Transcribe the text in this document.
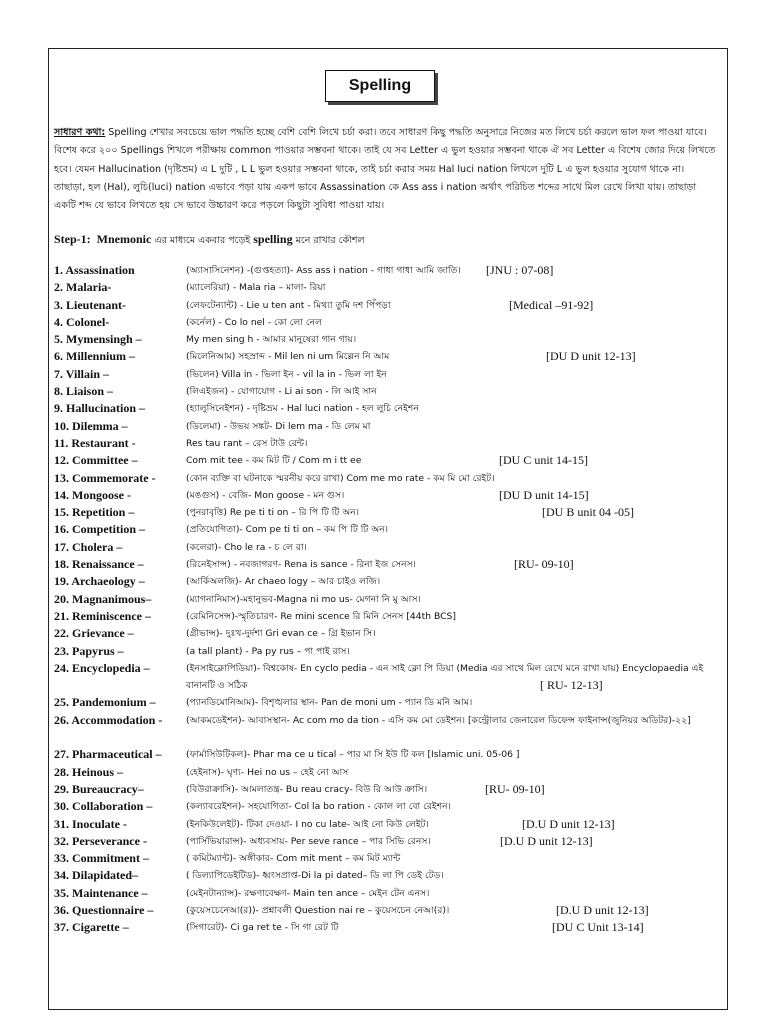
Spelling
সাধারণ কথা: Spelling শেখার সবচেয়ে ভাল পদ্ধতি হচ্ছে বেশি বেশি লিখে চর্চা করা। তবে সাধারণ কিছু পদ্ধতি অনুসারে নিজের মত লিখে চর্চা করলে ভাল ফল পাওয়া যাবে। বিশেষ করে ২০০ Spellings শিখলে পরীক্ষায় common পাওয়ার সম্ভবনা থাকে। তাই যে সব Letter এ ভুল হওয়ার সম্ভবনা থাকে ঐ সব Letter এ বিশেষ জোর দিয়ে লিখতে হবে। যেমন Hallucination (দৃষ্টিভ্রম) এ L দুটি , L L ভুল হওয়ার সম্ভবনা থাকে, তাই চর্চা করার সময় Hal luci nation লিখলে দুটি L এ ভুল হওয়ার সুযোগ থাকে না। তাছাড়া, হল (Hal), লুচি(luci) nation এভাবে পড়া যায় একপ ভাবে Assassination কে Ass ass i nation অর্থাৎ পরিচিত শব্দের সাথে মিল রেখে লিখা যায়। তাছাড়া একটি শব্দ যে ভাবে লিখতে হয় সে ভাবে উচ্চারণ করে পড়লে কিছুটা সুবিধা পাওয়া যায়।
Step-1: Mnemonic এর মাধ্যমে একবার পড়েই spelling মনে রাখার কৌশল
1. Assassination	(অ্যাসাসিনেশন) -(গুপ্তহত্যা)- Ass ass i nation - গাধা গাধা আমি জাতি।	[JNU : 07-08]
2. Malaria-	(ম্যালেরিয়া) - Mala ria – মালা- রিয়া
3. Lieutenant-	(লেফটেন্যান্ট) - Lie u ten ant - মিথ্যা তুমি দশ পিঁপড়া	[Medical –91-92]
4. Colonel-	(কর্নেল) - Co lo nel - কো লো নেল
5. Mymensingh –	My men sing h - আমার মানুষেরা গান গায়।
6. Millennium –	(মিলেনিআম) সহস্রাব্দ - Mil len ni um মিল্লেন নি আম	[DU D unit 12-13]
7. Villain –	(ভিলেন) Villa in - ভিলা ইন - vil la in - ভিল লা ইন
8. Liaison –	(লিএইজন) - যোগাযোগ - Li ai son - লি আই সান
9. Hallucination –	(হ্যালুসিনেইশন) - দৃষ্টিভ্রম - Hal luci nation - হল লুচি নেইশন
10. Dilemma –	(ডিলেমা) - উভয় সঙ্কট- Di lem ma - ডি লেম মা
11. Restaurant -	Res tau rant – রেস টাউ রেন্ট।
12. Committee –	Com mit tee - কম মিট টি / Com m i tt ee	[DU C unit 14-15]
13. Commemorate -	(কোন ব্যক্তি বা ঘটনাকে স্মরনীয় করে রাখা) Com me mo rate - কম মি মো রেইট।
14. Mongoose -	(মঙগুস) - বেজি- Mon goose - মন গুস।	[DU D unit 14-15]
15. Repetition –	(পুনরাবৃত্তি) Re pe ti ti on – রি পি টি টি অন।	[DU B unit 04 -05]
16. Competition –	(প্রতিযোগিতা)- Com pe ti ti on – কম পি টি টি অন।
17. Cholera –	(কলেরা)- Cho le ra - চ লে রা।
18. Renaissance –	(রিনেইসান্স) - নবজাগরণ- Rena is sance - রিনা ইজ সেনস।	[RU- 09-10]
19. Archaeology –	(আর্কিঅলজি)- Ar chaeo logy – আর চাইও লজি।
20. Magnanimous–	(ম্যাগনানিমাস)-মহানুভব-Magna ni mo us- মেগনা নি মু আস।
21. Reminiscence –	(রেমিনিসেন্স)-স্মৃতিচারণ- Re mini scence রি মিনি সেনস [44th BCS]
22. Grievance –	(গ্রীভান্স)- দুঃখ-দুর্দশা Gri evan ce – গ্রি ইভান সি।
23. Papyrus –	(a tall plant) - Pa py rus – পা পাই রাস।
24. Encyclopedia –	(ইনসাইক্লোপিডিয়া)- বিশ্বকোষ- En cyclo pedia - এন সাই ক্লো পি ডিয়া (Media এর সাথে মিল রেখে মনে রাখা যায়) Encyclopaedia এই বানানটি ও সঠিক	[ RU- 12-13]
25. Pandemonium –	(প্যানডিমোনিআম)- বিশৃঙ্খলার স্থান- Pan de moni um - প্যান ডি মনি আম।
26. Accommodation -	(আকমডেইশন)- আবাসস্থান- Ac com mo da tion - এসি কম মো ডেইশন। [কন্ট্রোলার জেনারেল ডিফেন্স ফাইনান্স(জুনিয়র অডিটর)-২২]
27. Pharmaceutical –	(ফার্মাসিউটিকল)- Phar ma ce u tical – পার মা সি ইউ টি কল [Islamic uni. 05-06 ]
28. Heinous –	(হেইনাস)- ঘৃণ্য- Hei no us – হেই নো আস
29. Bureaucracy–	(বিউরাক্রাসি)- আমলাতন্ত্র- Bu reau cracy- বিউ রি আউ ক্রাসি।	[RU- 09-10]
30. Collaboration –	(কল্যাবরেইশন)- সহযোগিতা- Col la bo ration - কোল লা বো রেইশন।
31. Inoculate -	(ইনকিউলেইট)- টিকা দেওয়া- I no cu late- আই নো কিউ লেইট।	[D.U D unit 12-13]
32. Perseverance -	(পার্সিভিয়ারান্স)- অধ্যবসায়- Per seve rance – পার সিভি রেনস।	[D.U D unit 12-13]
33. Commitment –	( কমিটম্যান্ট)- অঙ্গীকার- Com mit ment – কম মিট ম্যান্ট
34. Dilapidated–	( ডিল্যাপিডেইটিড)- ধ্বংসপ্রাপ্ত-Di la pi dated– ডি লা পি ডেই টেড।
35. Maintenance –	(মেইনটান্যান্স)- রক্ষণাবেক্ষণ- Main ten ance – মেইন টেন এনস।
36. Questionnaire –	(কুয়েসচেনেআ(র))- প্রশ্নাবলী Question nai re – কুয়েসচেন নেআ(র)।	[D.U D unit 12-13]
37. Cigarette –	(সিগারেট)- Ci ga ret te - সি গা রেট টি	[DU C Unit 13-14]
